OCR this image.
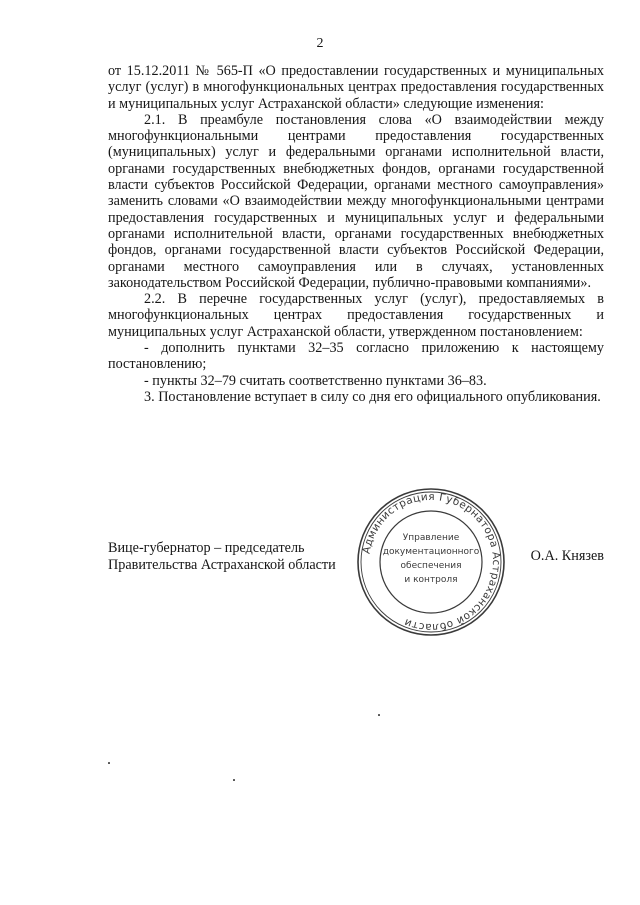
2

от 15.12.2011 № 565-П «О предоставлении государственных и муниципальных услуг (услуг) в многофункциональных центрах предоставления государственных и муниципальных услуг Астраханской области» следующие изменения:

2.1. В преамбуле постановления слова «О взаимодействии между многофункциональными центрами предоставления государственных (муниципальных) услуг и федеральными органами исполнительной власти, органами государственных внебюджетных фондов, органами государственной власти субъектов Российской Федерации, органами местного самоуправления» заменить словами «О взаимодействии между многофункциональными центрами предоставления государственных и муниципальных услуг и федеральными органами исполнительной власти, органами государственных внебюджетных фондов, органами государственной власти субъектов Российской Федерации, органами местного самоуправления или в случаях, установленных законодательством Российской Федерации, публично-правовыми компаниями».

2.2. В перечне государственных услуг (услуг), предоставляемых в многофункциональных центрах предоставления государственных и муниципальных услуг Астраханской области, утвержденном постановлением:

- дополнить пунктами 32–35 согласно приложению к настоящему постановлению;

- пункты 32–79 считать соответственно пунктами 36–83.

3. Постановление вступает в силу со дня его официального опубликования.

Вице-губернатор – председатель
Правительства Астраханской области
О.А. Князев
Администрация Губернатора Астраханской области
Управление
документационного
обеспечения
и контроля
